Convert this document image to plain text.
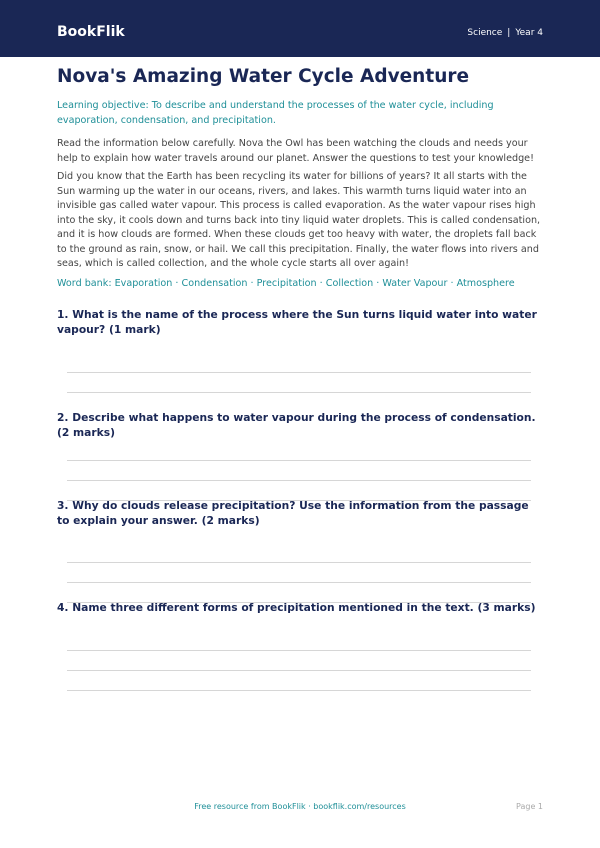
BookFlik	Science | Year 4
Nova's Amazing Water Cycle Adventure
Learning objective: To describe and understand the processes of the water cycle, including evaporation, condensation, and precipitation.

Read the information below carefully. Nova the Owl has been watching the clouds and needs your help to explain how water travels around our planet. Answer the questions to test your knowledge!

Did you know that the Earth has been recycling its water for billions of years? It all starts with the Sun warming up the water in our oceans, rivers, and lakes. This warmth turns liquid water into an invisible gas called water vapour. This process is called evaporation. As the water vapour rises high into the sky, it cools down and turns back into tiny liquid water droplets. This is called condensation, and it is how clouds are formed. When these clouds get too heavy with water, the droplets fall back to the ground as rain, snow, or hail. We call this precipitation. Finally, the water flows into rivers and seas, which is called collection, and the whole cycle starts all over again!

Word bank: Evaporation · Condensation · Precipitation · Collection · Water Vapour · Atmosphere

1. What is the name of the process where the Sun turns liquid water into water vapour? (1 mark)

2. Describe what happens to water vapour during the process of condensation. (2 marks)

3. Why do clouds release precipitation? Use the information from the passage to explain your answer. (2 marks)

4. Name three different forms of precipitation mentioned in the text. (3 marks)

Free resource from BookFlik · bookflik.com/resources	Page 1
